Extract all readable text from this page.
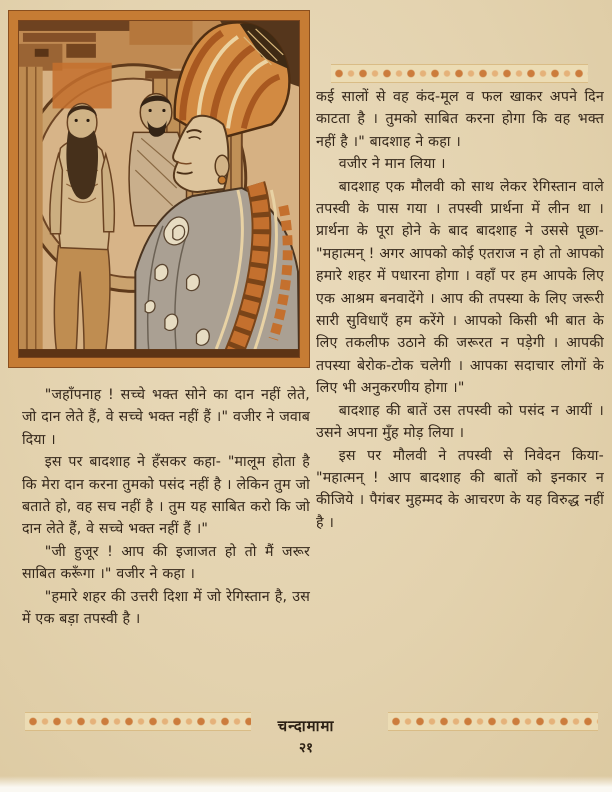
कई सालों से वह कंद-मूल व फल खाकर अपने दिन काटता है । तुमको साबित करना होगा कि वह भक्त नहीं है ।" बादशाह ने कहा ।

वजीर ने मान लिया ।

बादशाह एक मौलवी को साथ लेकर रेगिस्तान वाले तपस्वी के पास गया । तपस्वी प्रार्थना में लीन था । प्रार्थना के पूरा होने के बाद बादशाह ने उससे पूछा- "महात्मन् ! अगर आपको कोई एतराज न हो तो आपको हमारे शहर में पधारना होगा । वहाँ पर हम आपके लिए एक आश्रम बनवादेंगे । आप की तपस्या के लिए जरूरी सारी सुविधाएँ हम करेंगे । आपको किसी भी बात के लिए तकलीफ उठाने की जरूरत न पड़ेगी । आपकी तपस्या बेरोक-टोक चलेगी । आपका सदाचार लोगों के लिए भी अनुकरणीय होगा ।"

बादशाह की बातें उस तपस्वी को पसंद न आयीं । उसने अपना मुँह मोड़ लिया ।

इस पर मौलवी ने तपस्वी से निवेदन किया-"महात्मन् ! आप बादशाह की बातों को इनकार न कीजिये । पैगंबर मुहम्मद के आचरण के यह विरुद्ध नहीं है ।

"जहाँपनाह ! सच्चे भक्त सोने का दान नहीं लेते, जो दान लेते हैं, वे सच्चे भक्त नहीं हैं ।" वजीर ने जवाब दिया ।

इस पर बादशाह ने हँसकर कहा- "मालूम होता है कि मेरा दान करना तुमको पसंद नहीं है । लेकिन तुम जो बताते हो, वह सच नहीं है । तुम यह साबित करो कि जो दान लेते हैं, वे सच्चे भक्त नहीं हैं ।"

"जी हुजूर ! आप की इजाजत हो तो मैं जरूर साबित करूँगा ।" वजीर ने कहा ।

"हमारे शहर की उत्तरी दिशा में जो रेगिस्तान है, उस में एक बड़ा तपस्वी है ।

चन्दामामा
२१
